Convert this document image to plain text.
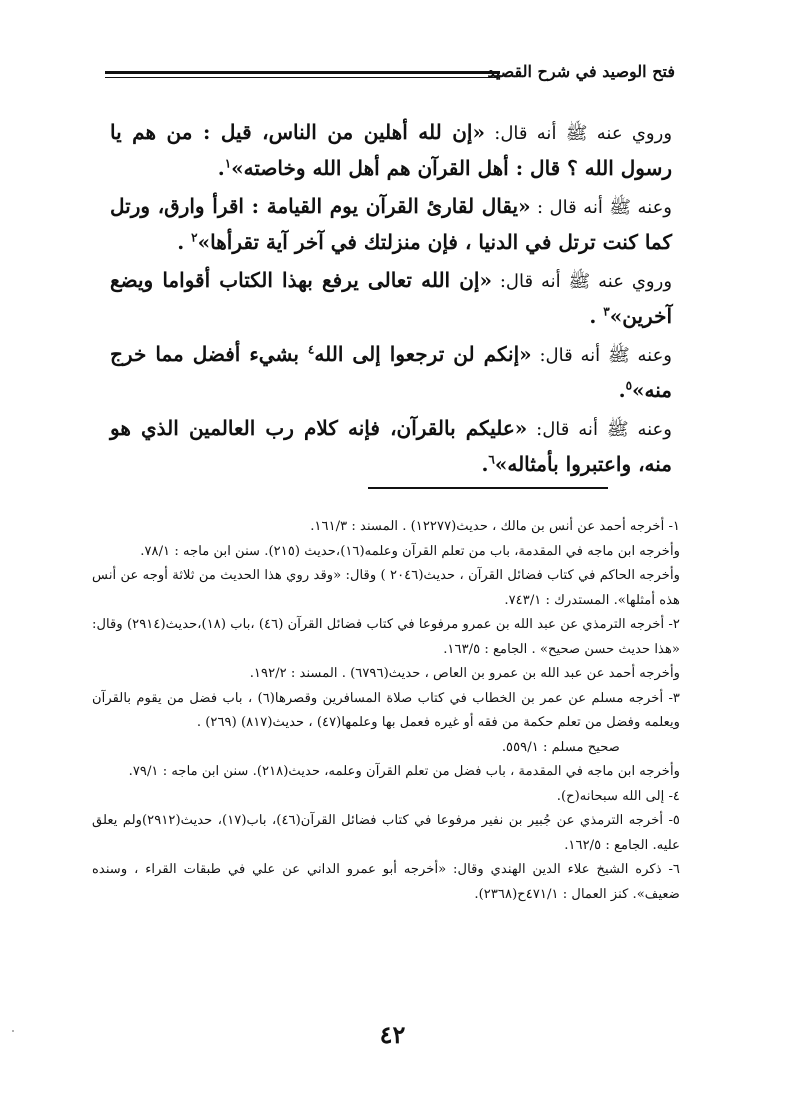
فتح الوصيد في شرح القصيد

وروي عنه ﷺ أنه قال: «إن لله أهلين من الناس، قيل : من هم يا رسول الله ؟ قال : أهل القرآن هم أهل الله وخاصته»$^١$.

وعنه ﷺ أنه قال : «يقال لقارئ القرآن يوم القيامة : اقرأ وارق، ورتل كما كنت ترتل في الدنيا ، فإن منزلتك في آخر آية تقرأها»$^٢$ .

وروي عنه ﷺ أنه قال: «إن الله تعالى يرفع بهذا الكتاب أقواما ويضع آخرين»$^٣$ .

وعنه ﷺ أنه قال: «إنكم لن ترجعوا إلى الله$^٤$ بشيء أفضل مما خرج منه»$^٥$.

وعنه ﷺ أنه قال: «عليكم بالقرآن، فإنه كلام رب العالمين الذي هو منه، واعتبروا بأمثاله»$^٦$.

١- أخرجه أحمد عن أنس بن مالك ، حديث(١٢٢٧٧) . المسند : ١٦١/٣.

وأخرجه ابن ماجه في المقدمة، باب من تعلم القرآن وعلمه(١٦)،حديث (٢١٥). سنن ابن ماجه : ٧٨/١.

وأخرجه الحاكم في كتاب فضائل القرآن ، حديث(٢٠٤٦ ) وقال: «وقد روي هذا الحديث من ثلاثة أوجه عن أنس هذه أمثلها». المستدرك : ٧٤٣/١.

٢- أخرجه الترمذي عن عبد الله بن عمرو مرفوعا في كتاب فضائل القرآن (٤٦) ،باب (١٨)،حديث(٢٩١٤) وقال: «هذا حديث حسن صحيح» . الجامع : ١٦٣/٥.

وأخرجه أحمد عن عبد الله بن عمرو بن العاص ، حديث(٦٧٩٦) . المسند : ١٩٢/٢.

٣- أخرجه مسلم عن عمر بن الخطاب في كتاب صلاة المسافرين وقصرها(٦) ، باب فضل من يقوم بالقرآن ويعلمه وفضل من تعلم حكمة من فقه أو غيره فعمل بها وعلمها(٤٧) ، حديث(٨١٧) (٢٦٩) .

صحيح مسلم : ٥٥٩/١.

وأخرجه ابن ماجه في المقدمة ، باب فضل من تعلم القرآن وعلمه، حديث(٢١٨). سنن ابن ماجه : ٧٩/١.

٤- إلى الله سبحانه(ح).

٥- أخرجه الترمذي عن جُبير بن نفير مرفوعا في كتاب فضائل القرآن(٤٦)، باب(١٧)، حديث(٢٩١٢)ولم يعلق عليه. الجامع : ١٦٢/٥.

٦- ذكره الشيخ علاء الدين الهندي وقال: «أخرجه أبو عمرو الداني عن علي في طبقات القراء ، وسنده ضعيف». كنز العمال : ٤٧١/١ح(٢٣٦٨).

٤٢
